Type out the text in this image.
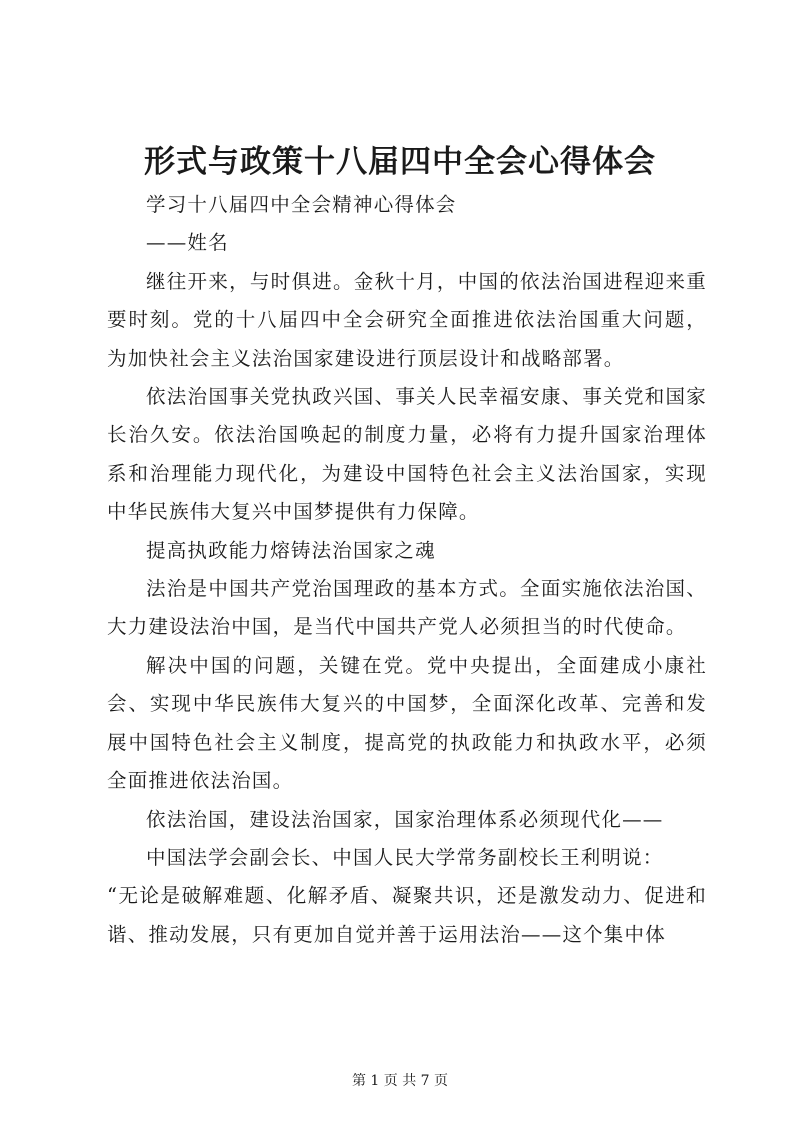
形式与政策十八届四中全会心得体会

学习十八届四中全会精神心得体会

——姓名

继往开来，与时俱进。金秋十月，中国的依法治国进程迎来重要时刻。党的十八届四中全会研究全面推进依法治国重大问题，为加快社会主义法治国家建设进行顶层设计和战略部署。

依法治国事关党执政兴国、事关人民幸福安康、事关党和国家长治久安。依法治国唤起的制度力量，必将有力提升国家治理体系和治理能力现代化，为建设中国特色社会主义法治国家，实现中华民族伟大复兴中国梦提供有力保障。

提高执政能力熔铸法治国家之魂

法治是中国共产党治国理政的基本方式。全面实施依法治国、大力建设法治中国，是当代中国共产党人必须担当的时代使命。

解决中国的问题，关键在党。党中央提出，全面建成小康社会、实现中华民族伟大复兴的中国梦，全面深化改革、完善和发展中国特色社会主义制度，提高党的执政能力和执政水平，必须全面推进依法治国。

依法治国，建设法治国家，国家治理体系必须现代化——

中国法学会副会长、中国人民大学常务副校长王利明说：

“无论是破解难题、化解矛盾、凝聚共识，还是激发动力、促进和谐、推动发展，只有更加自觉并善于运用法治——这个集中体

第 1 页 共 7 页
